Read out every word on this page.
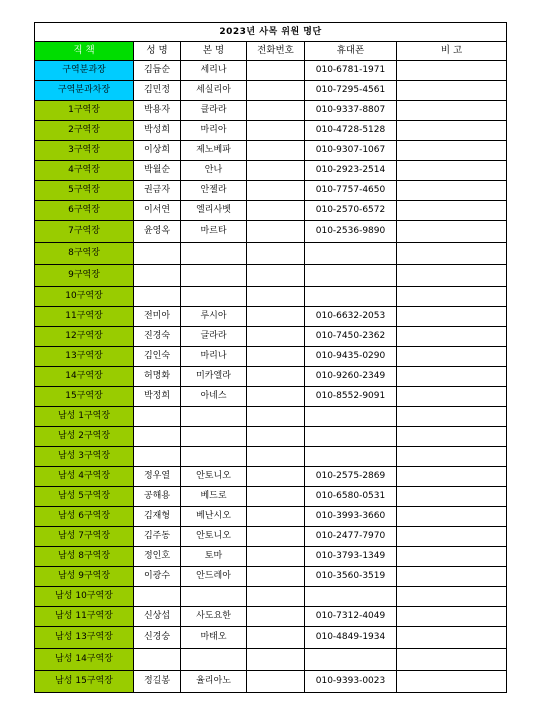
2023년 사목 위원 명단					
직 책	성 명	본 명	전화번호	휴대폰	비 고
구역분과장	김듭순	세리나		010-6781-1971	
구역분과차장	김민정	세실리아		010-7295-4561	
1구역장	박용자	클라라		010-9337-8807	
2구역장	박성희	마리아		010-4728-5128	
3구역장	이상희	제노베파		010-9307-1067	
4구역장	박월순	안나		010-2923-2514	
5구역장	권금자	안젤라		010-7757-4650	
6구역장	이서연	엘리사벳		010-2570-6572	
7구역장	윤영옥	마르타		010-2536-9890	
8구역장					
9구역장					
10구역장					
11구역장	전미아	루시아		010-6632-2053	
12구역장	진경숙	글라라		010-7450-2362	
13구역장	김인숙	마리나		010-9435-0290	
14구역장	허명화	미카엘라		010-9260-2349	
15구역장	박정희	아네스		010-8552-9091	
남성 1구역장					
남성 2구역장					
남성 3구역장					
남성 4구역장	정우열	안토니오		010-2575-2869	
남성 5구역장	공해용	베드로		010-6580-0531	
남성 6구역장	김재형	베난시오		010-3993-3660	
남성 7구역장	김주동	안토니오		010-2477-7970	
남성 8구역장	정인호	토마		010-3793-1349	
남성 9구역장	이광수	안드레아		010-3560-3519	
남성 10구역장					
남성 11구역장	신상섭	사도요한		010-7312-4049	
남성 13구역장	신경숭	마태오		010-4849-1934	
남성 14구역장					
남성 15구역장	정길봉	율리아노		010-9393-0023	
